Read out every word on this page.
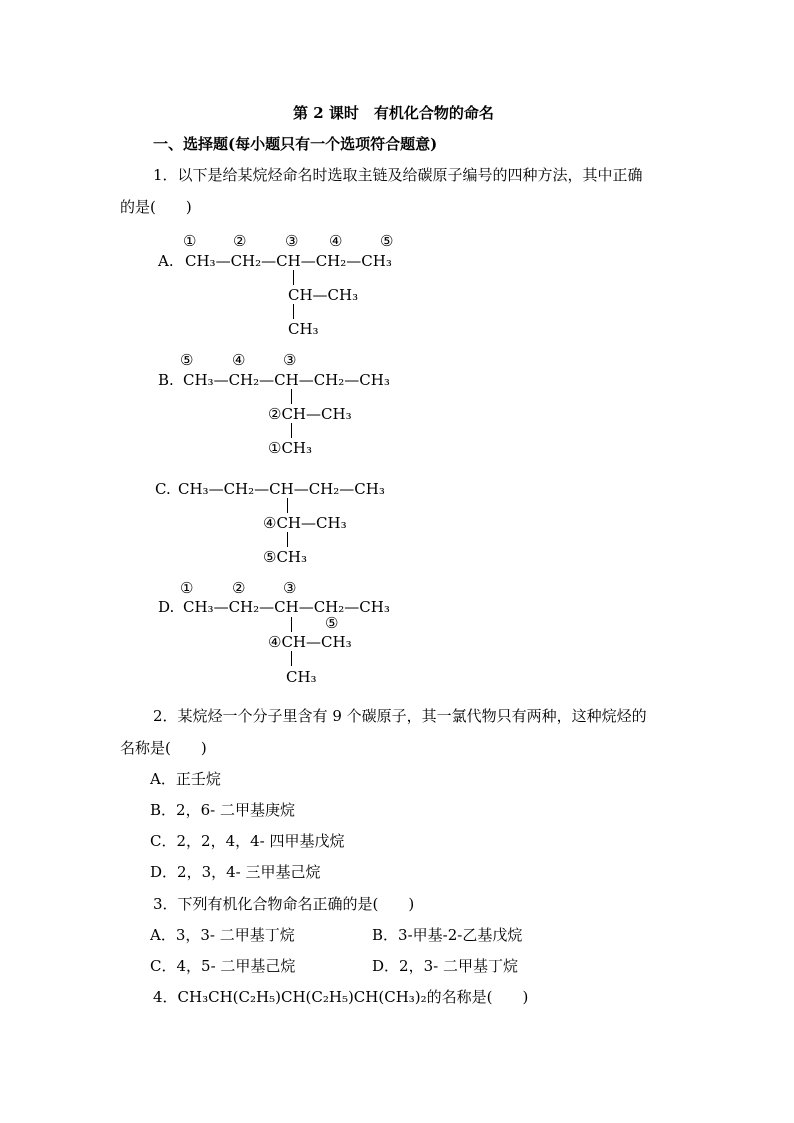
第 2 课时　有机化合物的命名
一、选择题(每小题只有一个选项符合题意)
1．以下是给某烷烃命名时选取主链及给碳原子编号的四种方法，其中正确
的是(　　)
① ②	③ ④	⑤
A. CH₃—CH₂—CH—CH₂—CH₃
CH—CH₃
CH₃
⑤	④	③
B. CH₃—CH₂—CH—CH₂—CH₃
②CH—CH₃
①CH₃
C. CH₃—CH₂—CH—CH₂—CH₃
④CH—CH₃
⑤CH₃
①	②	③
D. CH₃—CH₂—CH—CH₂—CH₃
⑤
④CH—CH₃
CH₃
2．某烷烃一个分子里含有 9 个碳原子，其一氯代物只有两种，这种烷烃的
名称是(　　)
A．正壬烷
B．2，6- 二甲基庚烷
C．2，2，4，4- 四甲基戊烷
D．2，3，4- 三甲基己烷
3．下列有机化合物命名正确的是(　　)
A．3，3- 二甲基丁烷	B．3-甲基-2-乙基戊烷
C．4，5- 二甲基己烷	D．2，3- 二甲基丁烷
4．CH₃CH(C₂H₅)CH(C₂H₅)CH(CH₃)₂的名称是(　　)
